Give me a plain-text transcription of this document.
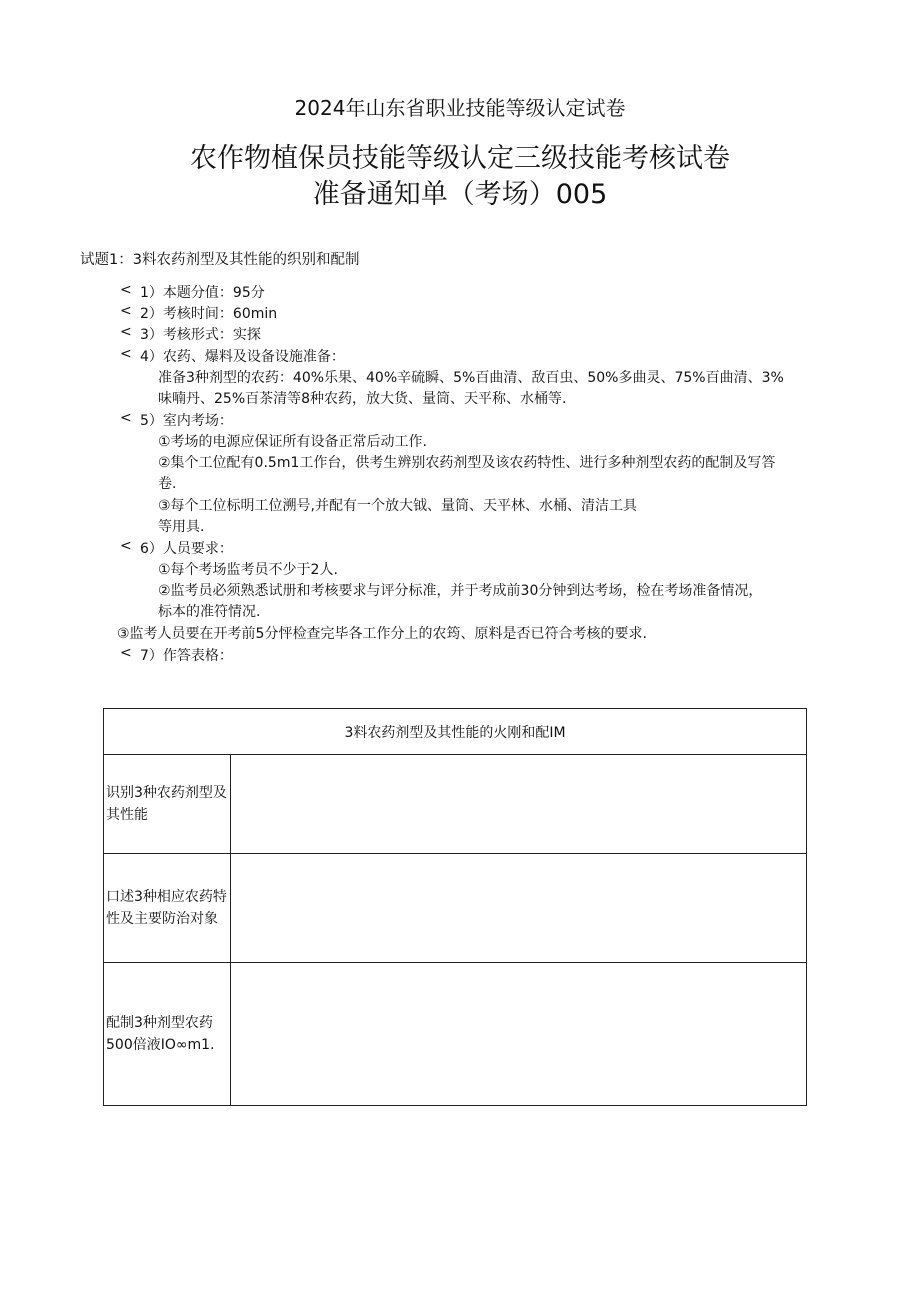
2024年山东省职业技能等级认定试卷
农作物植保员技能等级认定三级技能考核试卷
准备通知单（考场）005
试题1：3料农药剂型及其性能的织别和配制
< 1）本题分值：95分
< 2）考核时间：60min
< 3）考核形式：实探
< 4）农药、爆料及设备设施准备：
准备3种剂型的农药：40%乐果、40%辛硫瞬、5%百曲清、敌百虫、50%多曲灵、75%百曲清、3%
味喃丹、25%百茶清等8种农药，放大货、量筒、天平称、水桶等.
< 5）室内考场：
①考场的电源应保证所有设备正常后动工作.
②集个工位配有0.5m1工作台，供考生辨别农药剂型及该农药特性、进行多种剂型农药的配制及写答
卷.
③每个工位标明工位溯号,并配有一个放大钺、量筒、天平林、水桶、清洁工具
等用具.
< 6）人员要求：
①每个考场监考员不少于2人.
②监考员必须熟悉试册和考核要求与评分标准，并于考成前30分钟到达考场，检在考场准备情况，
标本的准符情况.
③监考人员要在开考前5分怦检查完毕各工作分上的农筠、原料是否已符合考核的要求.
< 7）作答表格：
3料农药剂型及其性能的火刚和配IM	
识别3种农药剂型及其性能	
口述3种相应农药特性及主要防治对象	
配制3种剂型农药500倍液IO∞m1.	
